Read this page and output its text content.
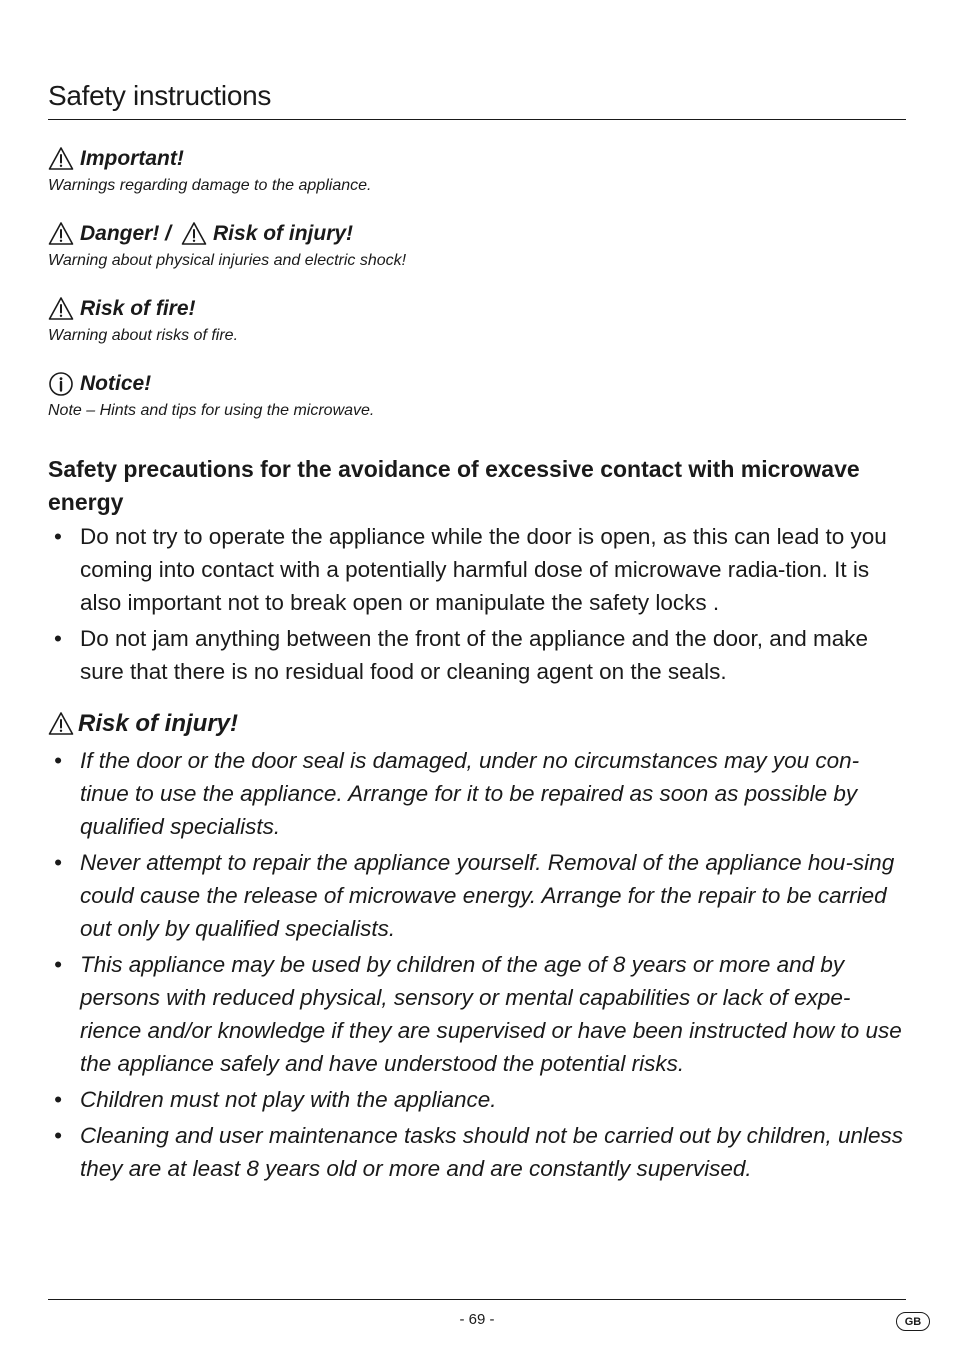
Safety instructions
Important!
Warnings regarding damage to the appliance.
Danger! / Risk of injury!
Warning about physical injuries and electric shock!
Risk of fire!
Warning about risks of fire.
Notice!
Note – Hints and tips for using the microwave.
Safety precautions for the avoidance of excessive contact with microwave energy
• Do not try to operate the appliance while the door is open, as this can lead to you coming into contact with a potentially harmful dose of microwave radia-tion. It is also important not to break open or manipulate the safety locks .
• Do not jam anything between the front of the appliance and the door, and make sure that there is no residual food or cleaning agent on the seals.
Risk of injury!
• If the door or the door seal is damaged, under no circumstances may you con-tinue to use the appliance. Arrange for it to be repaired as soon as possible by qualified specialists.
• Never attempt to repair the appliance yourself. Removal of the appliance hou-sing could cause the release of microwave energy. Arrange for the repair to be carried out only by qualified specialists.
• This appliance may be used by children of the age of 8 years or more and by persons with reduced physical, sensory or mental capabilities or lack of expe-rience and/or knowledge if they are supervised or have been instructed how to use the appliance safely and have understood the potential risks.
• Children must not play with the appliance.
• Cleaning and user maintenance tasks should not be carried out by children, unless they are at least 8 years old or more and are constantly supervised.
- 69 -	GB
